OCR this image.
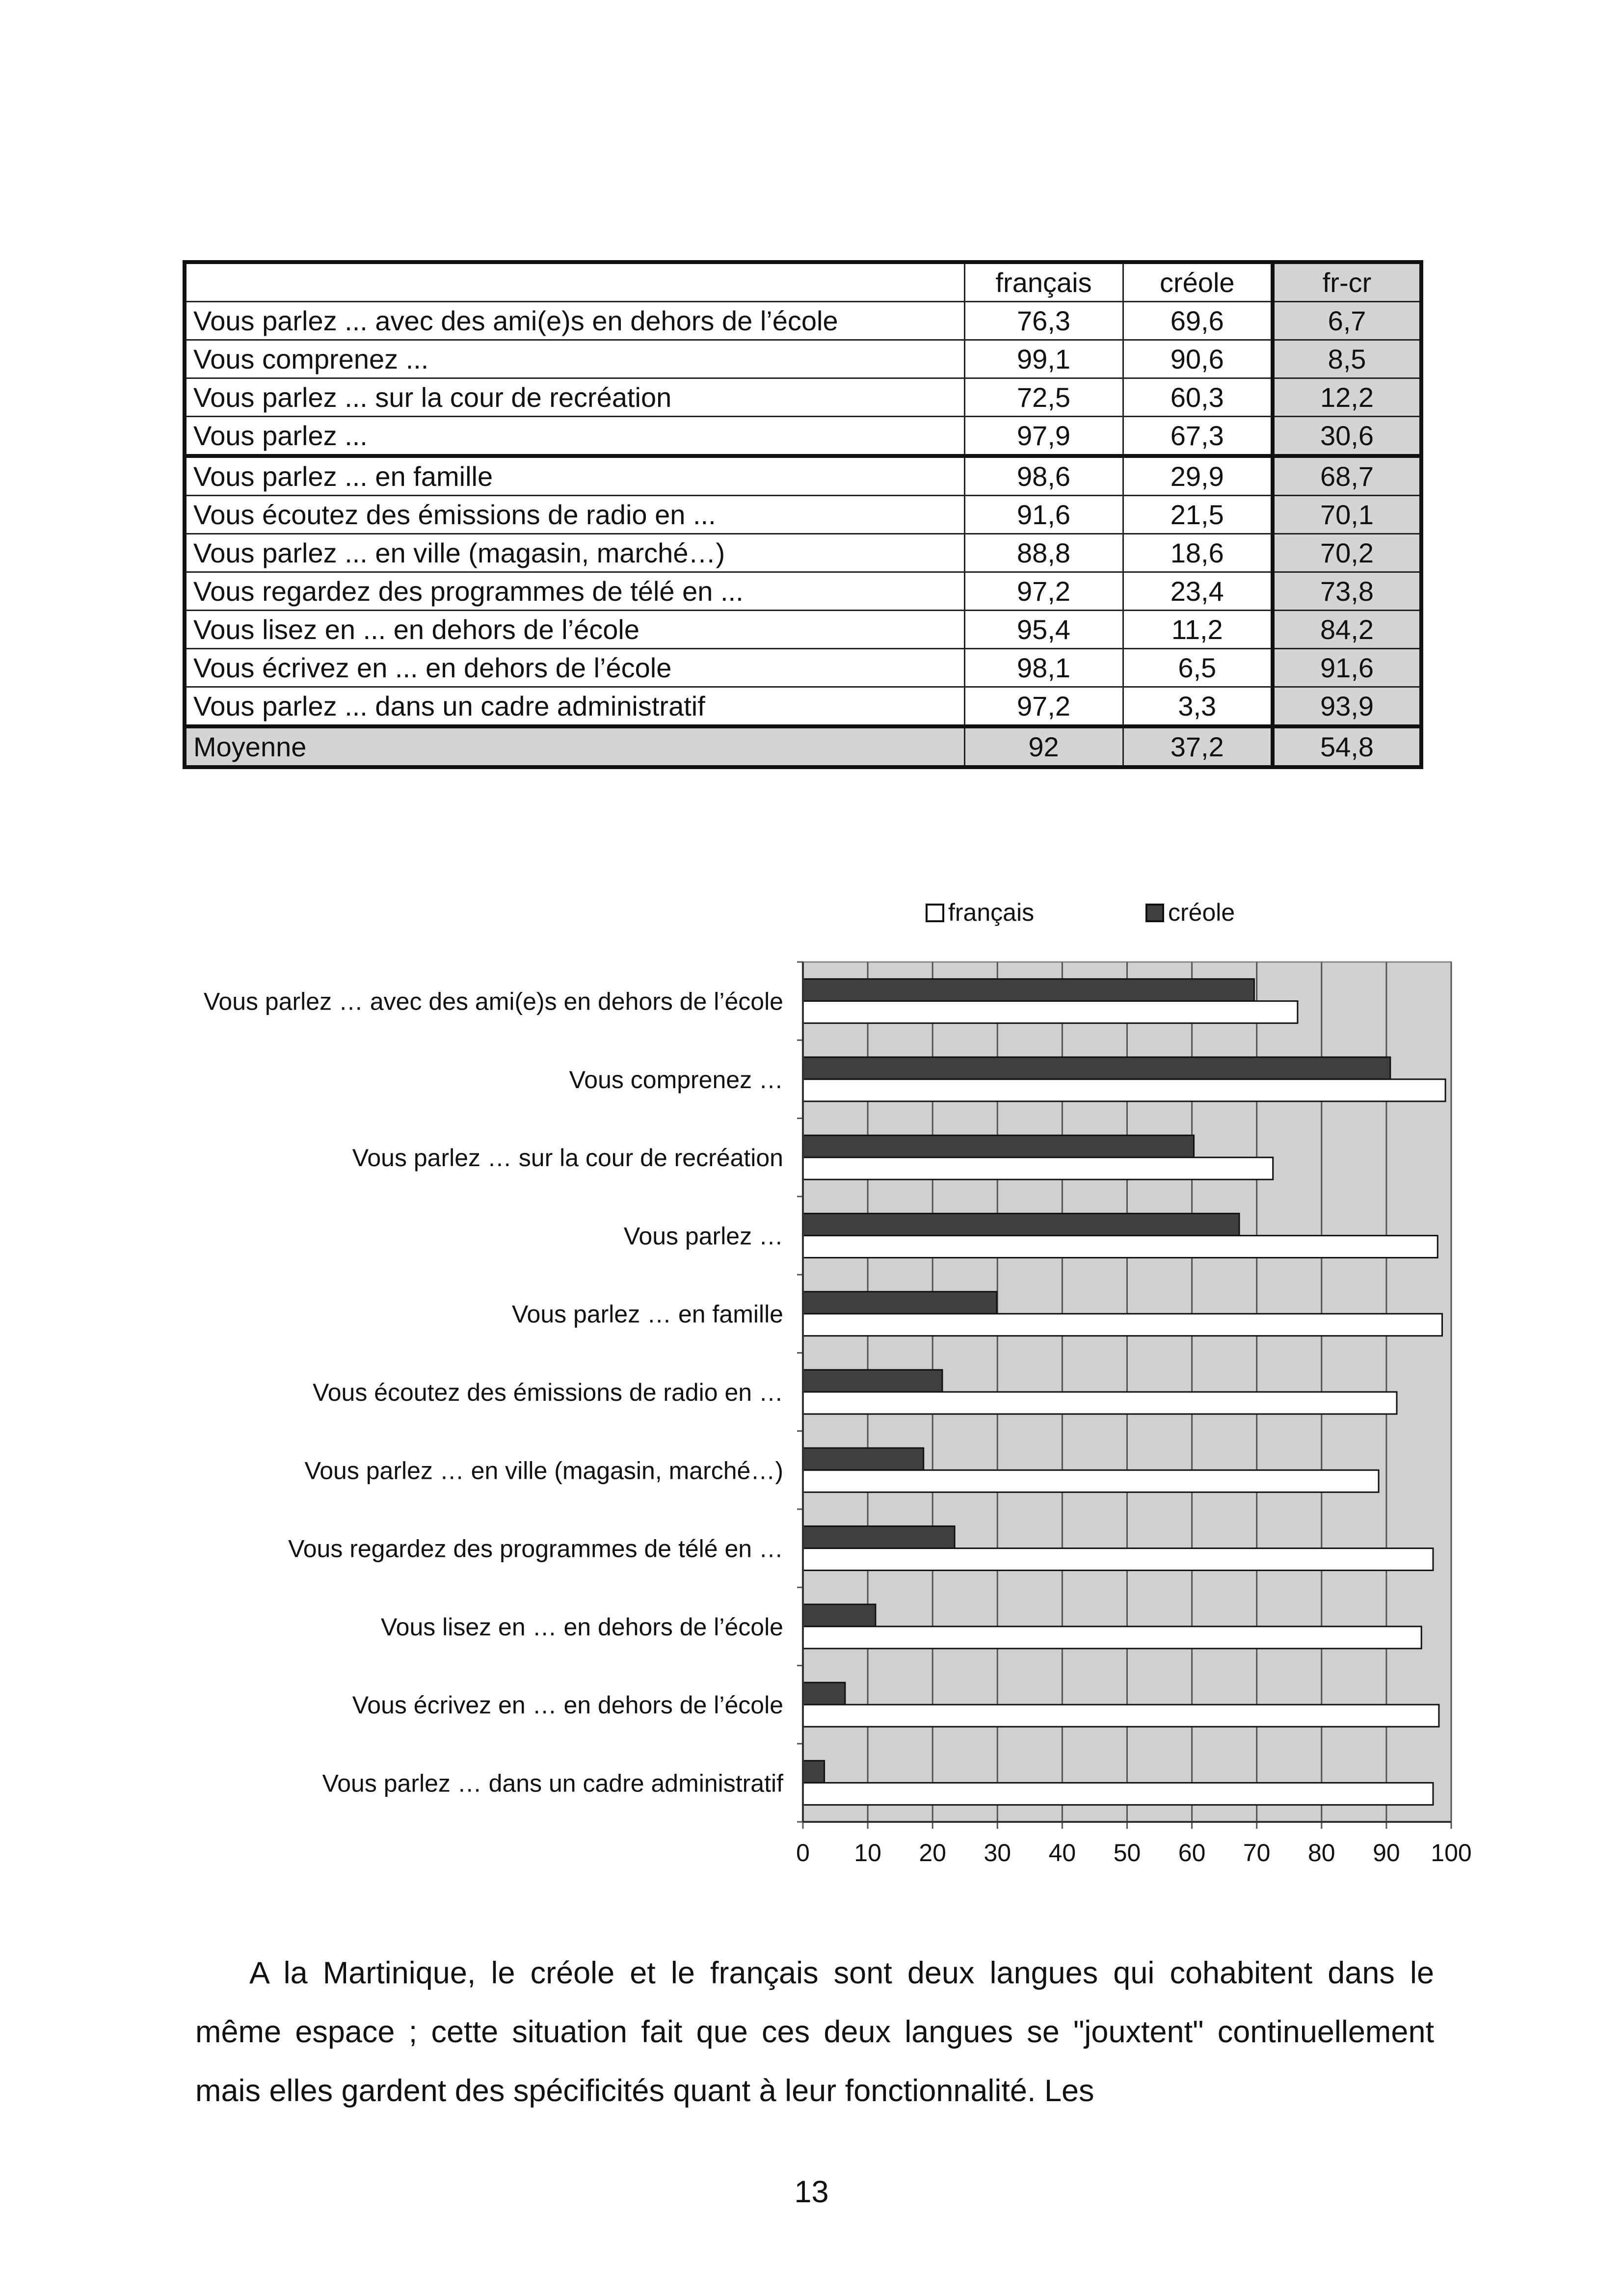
	français	créole	fr-cr
Vous parlez ... avec des ami(e)s en dehors de l’école	76,3	69,6	6,7
Vous comprenez ...	99,1	90,6	8,5
Vous parlez ... sur la cour de recréation	72,5	60,3	12,2
Vous parlez ...	97,9	67,3	30,6
Vous parlez ... en famille	98,6	29,9	68,7
Vous écoutez des émissions de radio en ...	91,6	21,5	70,1
Vous parlez ... en ville (magasin, marché…)	88,8	18,6	70,2
Vous regardez des programmes de télé en ...	97,2	23,4	73,8
Vous lisez en ... en dehors de l’école	95,4	11,2	84,2
Vous écrivez en ... en dehors de l’école	98,1	6,5	91,6
Vous parlez ... dans un cadre administratif	97,2	3,3	93,9
Moyenne	92	37,2	54,8
0 10 20 30 40 50 60 70 80 90 100
Vous parlez … avec des ami(e)s en dehors de l’école
Vous comprenez …
Vous parlez … sur la cour de recréation
Vous parlez …
Vous parlez … en famille
Vous écoutez des émissions de radio en …
Vous parlez … en ville (magasin, marché…)
Vous regardez des programmes de télé en …
Vous lisez en … en dehors de l’école
Vous écrivez en … en dehors de l’école
Vous parlez … dans un cadre administratif
français	créole

A la Martinique, le créole et le français sont deux langues qui cohabitent dans le même espace ; cette situation fait que ces deux langues se "jouxtent" continuellement mais elles gardent des spécificités quant à leur fonctionnalité. Les

13
